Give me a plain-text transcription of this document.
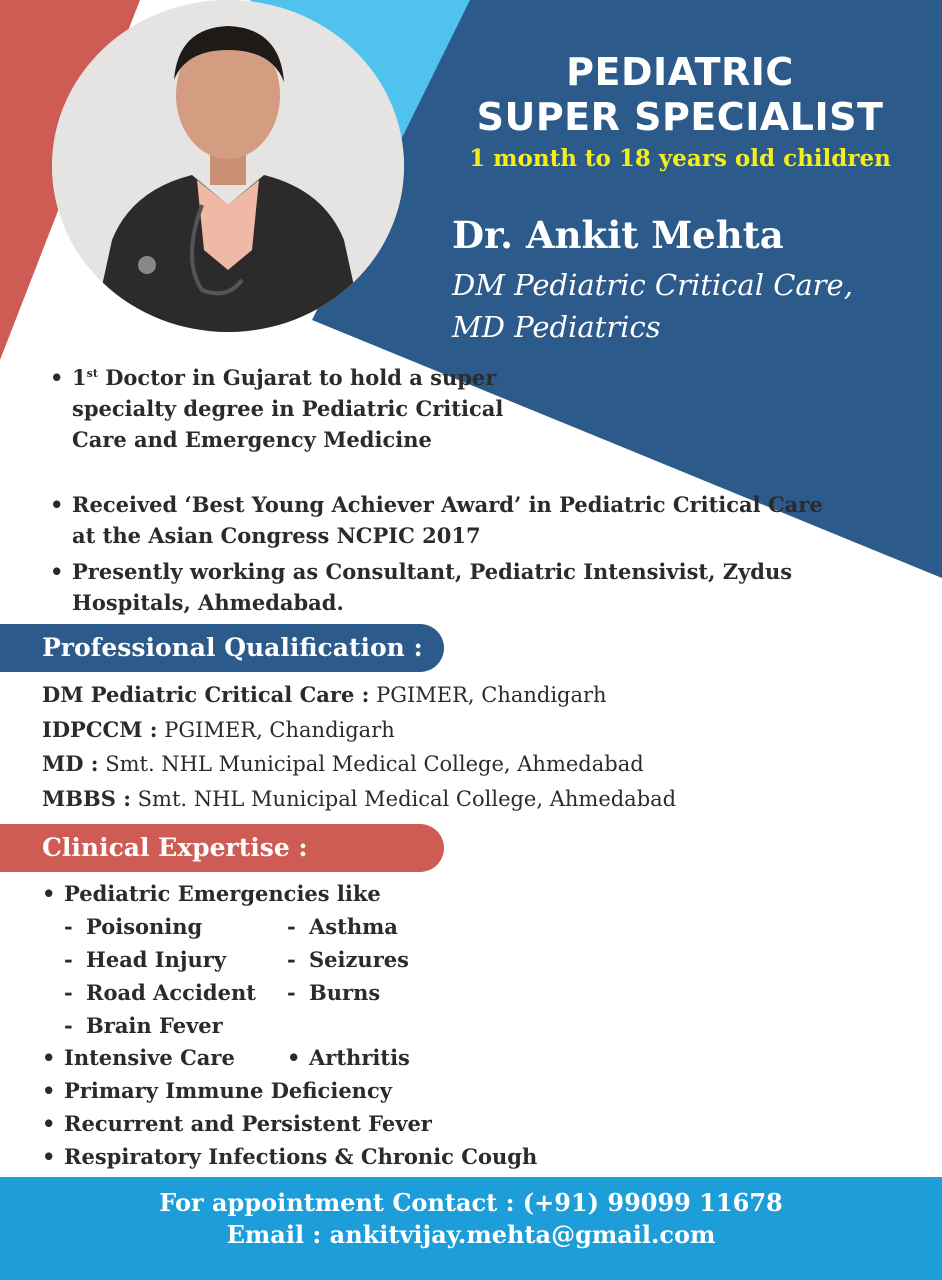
PEDIATRIC
SUPER SPECIALIST
1 month to 18 years old children
Dr. Ankit Mehta
DM Pediatric Critical Care,
MD Pediatrics
• 1st Doctor in Gujarat to hold a super specialty degree in Pediatric Critical Care and Emergency Medicine
• Received ‘Best Young Achiever Award’ in Pediatric Critical Care at the Asian Congress NCPIC 2017
• Presently working as Consultant, Pediatric Intensivist, Zydus Hospitals, Ahmedabad.
Professional Qualification :
DM Pediatric Critical Care : PGIMER, Chandigarh
IDPCCM : PGIMER, Chandigarh
MD : Smt. NHL Municipal Medical College, Ahmedabad
MBBS : Smt. NHL Municipal Medical College, Ahmedabad
Clinical Expertise :
• Pediatric Emergencies like
- Poisoning	- Asthma
- Head Injury	- Seizures
- Road Accident	- Burns
- Brain Fever
• Intensive Care	• Arthritis
• Primary Immune Deficiency
• Recurrent and Persistent Fever
• Respiratory Infections & Chronic Cough
For appointment Contact : (+91) 99099 11678
Email : ankitvijay.mehta@gmail.com
